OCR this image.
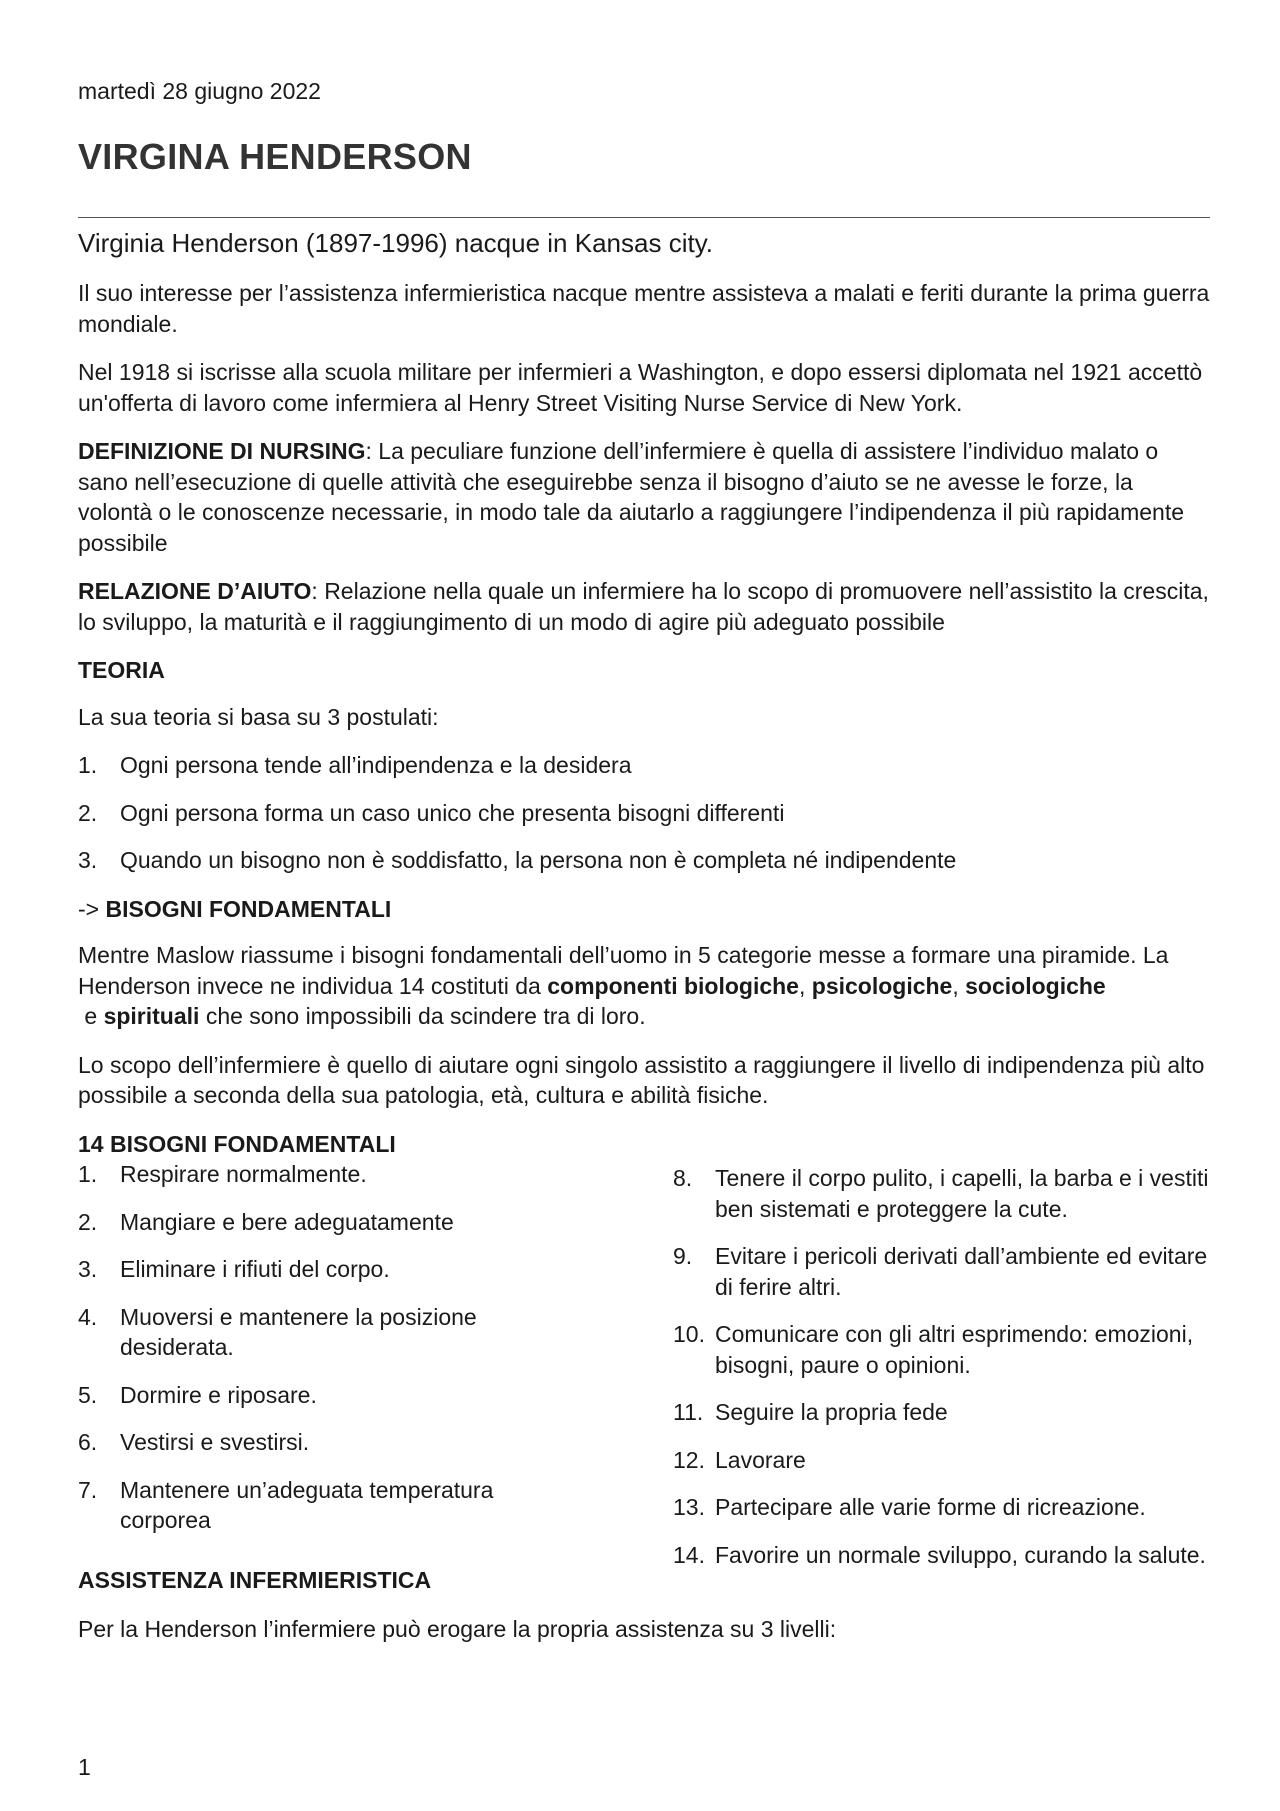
martedì 28 giugno 2022
VIRGINA HENDERSON

Virginia Henderson (1897-1996) nacque in Kansas city.

Il suo interesse per l’assistenza infermieristica nacque mentre assisteva a malati e feriti durante la prima guerra mondiale.

Nel 1918 si iscrisse alla scuola militare per infermieri a Washington, e dopo essersi diplomata nel 1921 accettò un'offerta di lavoro come infermiera al Henry Street Visiting Nurse Service di New York.

DEFINIZIONE DI NURSING: La peculiare funzione dell’infermiere è quella di assistere l’individuo malato o sano nell’esecuzione di quelle attività che eseguirebbe senza il bisogno d’aiuto se ne avesse le forze, la volontà o le conoscenze necessarie, in modo tale da aiutarlo a raggiungere l’indipendenza il più rapidamente possibile

RELAZIONE D’AIUTO: Relazione nella quale un infermiere ha lo scopo di promuovere nell’assistito la crescita, lo sviluppo, la maturità e il raggiungimento di un modo di agire più adeguato possibile

TEORIA

La sua teoria si basa su 3 postulati:

1. Ogni persona tende all’indipendenza e la desidera
2. Ogni persona forma un caso unico che presenta bisogni differenti
3. Quando un bisogno non è soddisfatto, la persona non è completa né indipendente
-> BISOGNI FONDAMENTALI

Mentre Maslow riassume i bisogni fondamentali dell’uomo in 5 categorie messe a formare una piramide. La Henderson invece ne individua 14 costituti da componenti biologiche, psicologiche, sociologiche e spirituali che sono impossibili da scindere tra di loro.

Lo scopo dell’infermiere è quello di aiutare ogni singolo assistito a raggiungere il livello di indipendenza più alto possibile a seconda della sua patologia, età, cultura e abilità fisiche.

14 BISOGNI FONDAMENTALI
1. Respirare normalmente.
2. Mangiare e bere adeguatamente
3. Eliminare i rifiuti del corpo.
4. Muoversi e mantenere la posizione desiderata.
5. Dormire e riposare.
6. Vestirsi e svestirsi.
7. Mantenere un’adeguata temperatura corporea
8. Tenere il corpo pulito, i capelli, la barba e i vestiti ben sistemati e proteggere la cute.
9. Evitare i pericoli derivati dall’ambiente ed evitare di ferire altri.
10. Comunicare con gli altri esprimendo: emozioni, bisogni, paure o opinioni.
11. Seguire la propria fede
12. Lavorare
13. Partecipare alle varie forme di ricreazione.
14. Favorire un normale sviluppo, curando la salute.
ASSISTENZA INFERMIERISTICA

Per la Henderson l’infermiere può erogare la propria assistenza su 3 livelli:

1
